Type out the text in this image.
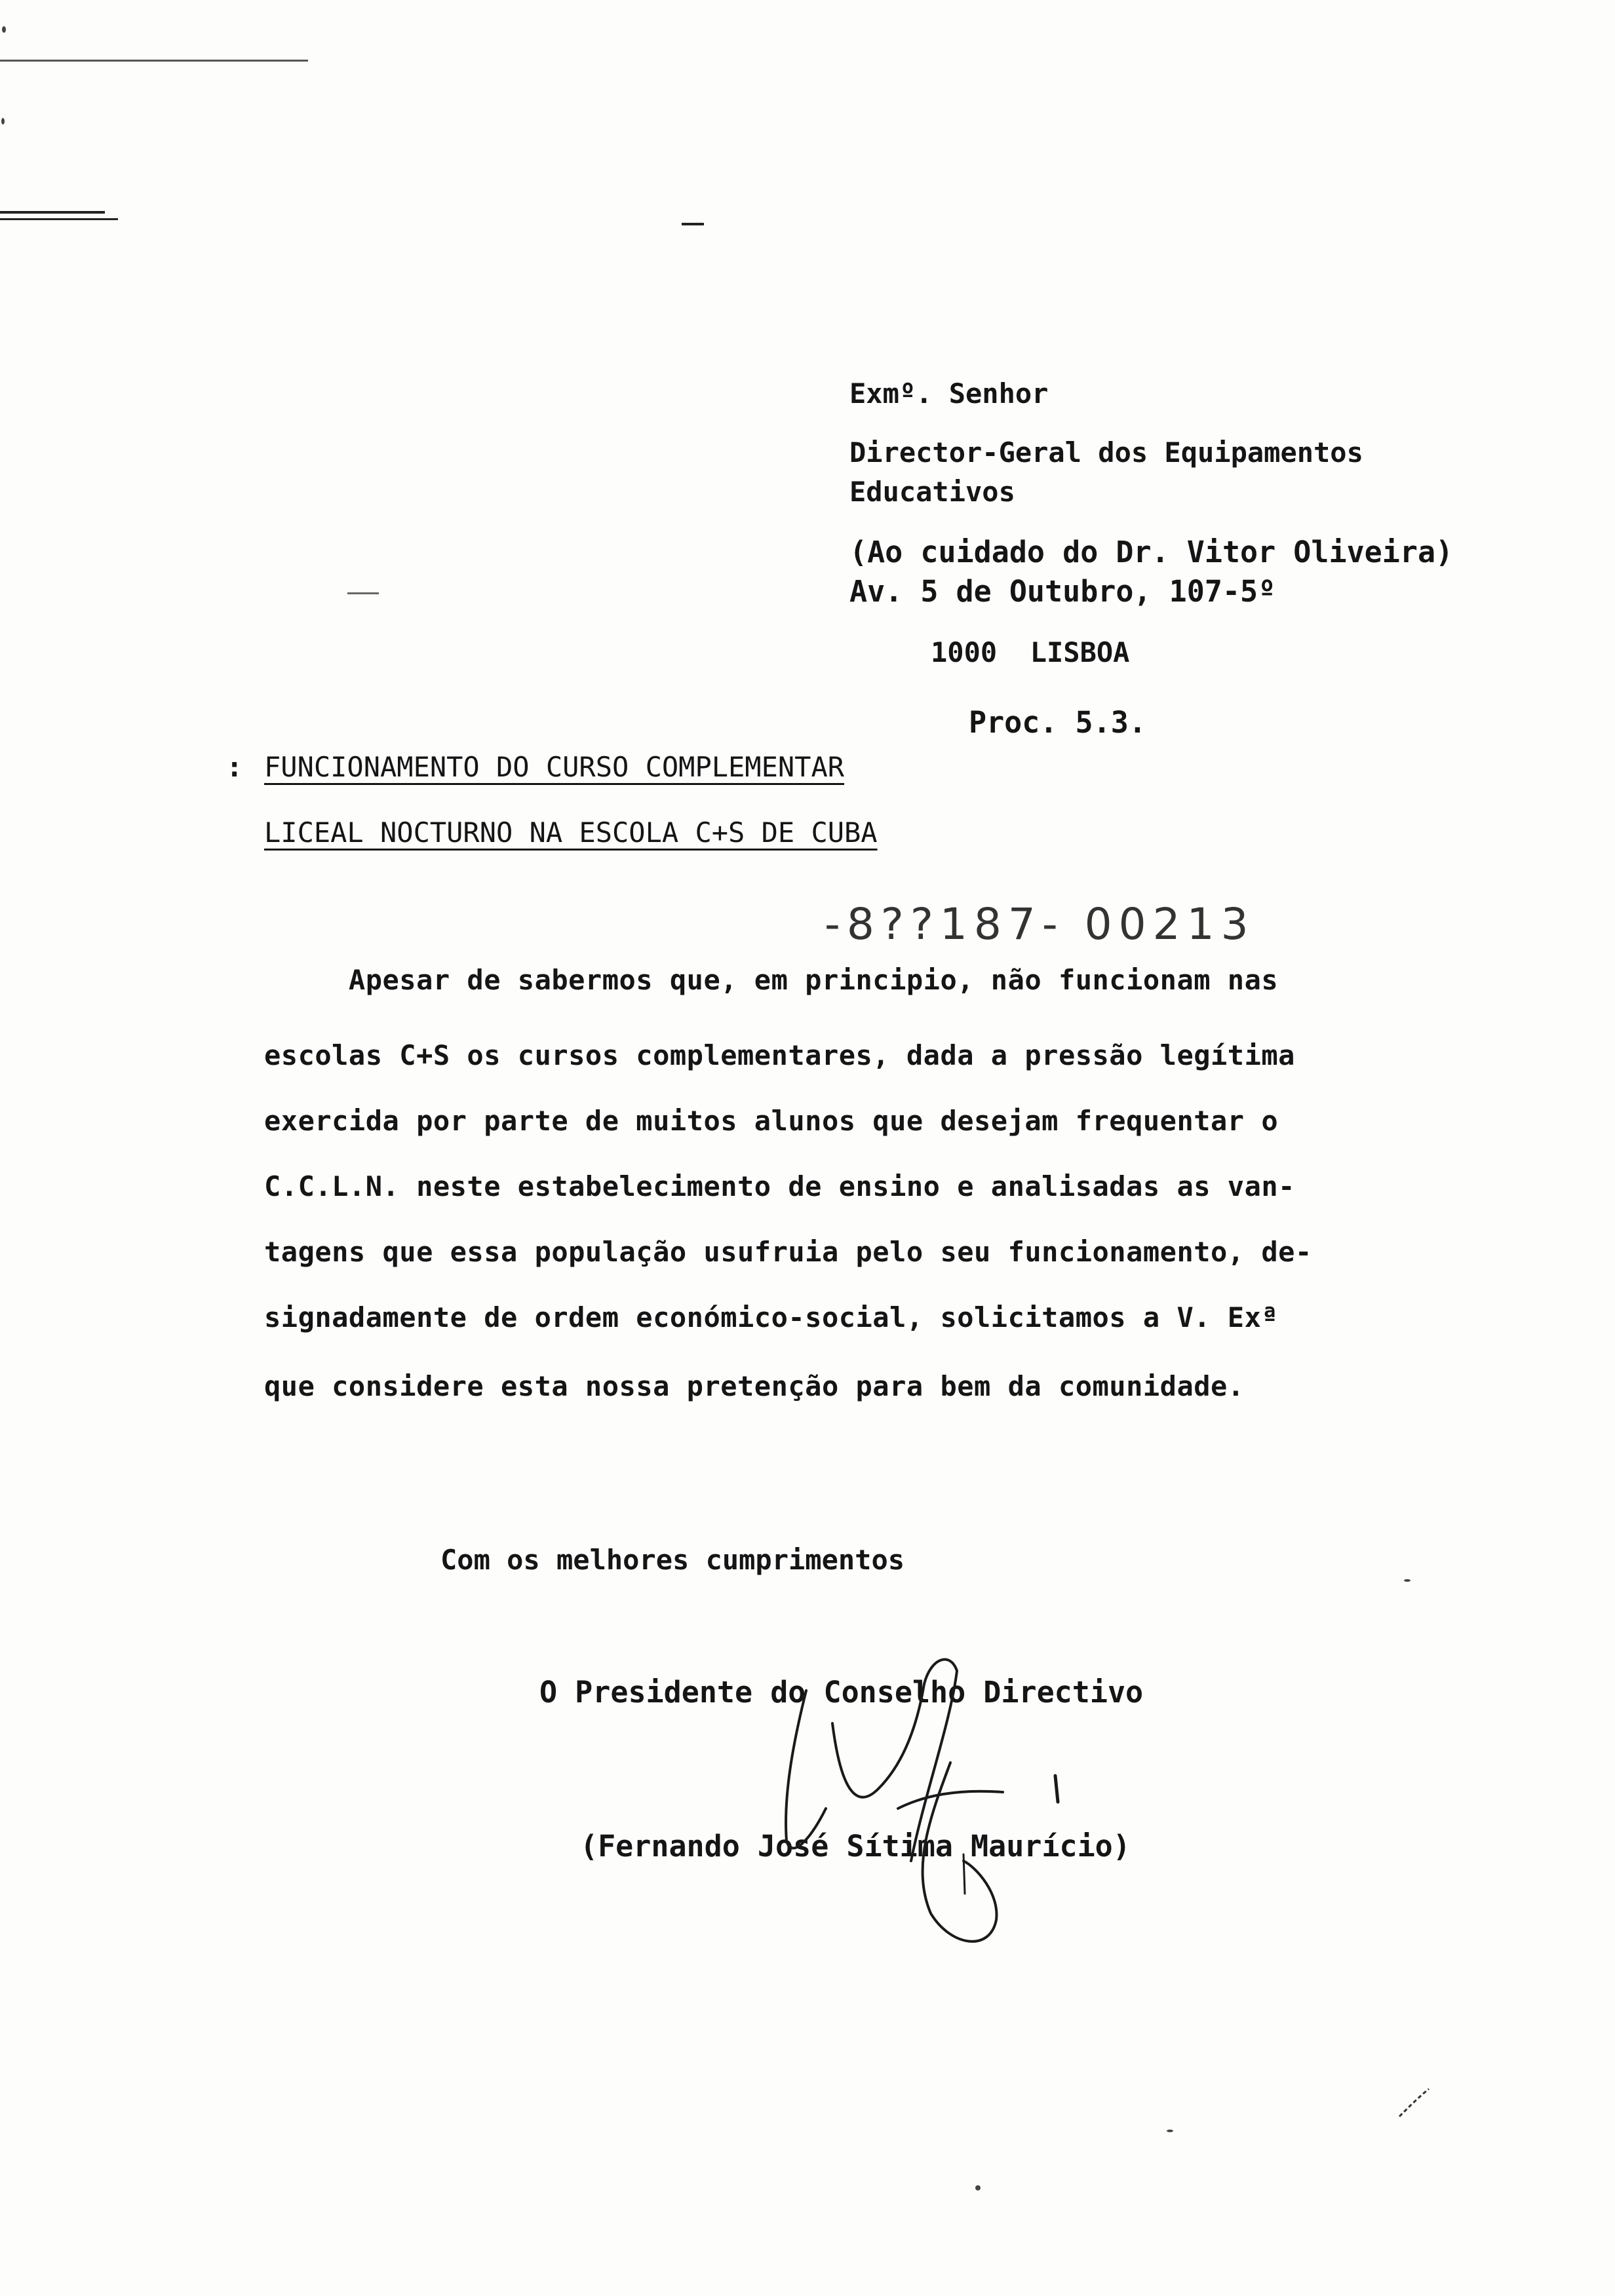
Exmº. Senhor
Director-Geral dos Equipamentos
Educativos
(Ao cuidado do Dr. Vitor Oliveira)
Av. 5 de Outubro, 107-5º
1000  LISBOA
Proc. 5.3.
: FUNCIONAMENTO DO CURSO COMPLEMENTAR
LICEAL NOCTURNO NA ESCOLA C+S DE CUBA
-8??187- 00213
Apesar de sabermos que, em principio, não funcionam nas
escolas C+S os cursos complementares, dada a pressão legítima
exercida por parte de muitos alunos que desejam frequentar o
C.C.L.N. neste estabelecimento de ensino e analisadas as van-
tagens que essa população usufruia pelo seu funcionamento, de-
signadamente de ordem económico-social, solicitamos a V. Exª
que considere esta nossa pretenção para bem da comunidade.
Com os melhores cumprimentos
O Presidente do Conselho Directivo
(Fernando José Sítima Maurício)
